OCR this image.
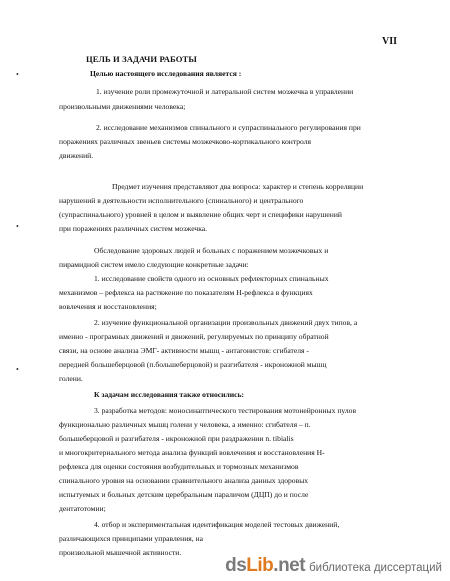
VII
ЦЕЛЬ И ЗАДАЧИ РАБОТЫ
•
•
•
Целью настоящего исследования является :
1. изучение роли промежуточной и латеральной систем мозжечка в управлении
произвольными движениями человека;
2. исследование механизмов спинального и супраспинального регулирования при
поражениях различных звеньев системы мозжечково-кортикального контроля
движений.
Предмет изучения представляют два вопроса: характер и степень корреляции
нарушений в деятельности исполнительного (спинального) и центрального
(супраспинального) уровней в целом и выявление общих черт и специфики нарушений
при поражениях различных систем мозжечка.
Обследование здоровых людей и больных с поражением мозжечковых и
пирамидной систем имело следующие конкретные задачи:
1. исследование свойств одного из основных рефлекторных спинальных
механизмов – рефлекса на растяжение по показателям Н-рефлекса в функциях
вовлечения и восстановления;
2. изучение функциональной организации произвольных движений двух типов, а
именно - програмных движений и движений, регулируемых по принципу обратной
связи, на основе анализа ЭМГ- активности мышц - антагонистов: сгибателя -
передней большеберцовой (п.большеберцовой) и разгибателя - икроножной мышц
голени.
К задачам исследования также относились:
3. разработка методов: моносинаптического тестирования мотонейронных пулов
функционально различных мышц голени у человека, а именно: сгибателя – п.
большеберцовой и разгибателя - икроножной при раздражении n. tibialis
и многокритериального метода анализа функций вовлечения и восстановления Н-
рефлекса для оценки состояния возбудительных и тормозных механизмов
спинального уровня на основании сравнительного анализа данных здоровых
испытуемых и больных детским церебральным параличом (ДЦП) до и после
дентатотомии;
4. отбор и экспериментальная идентификация моделей тестовых движений,
различающихся принципами управления, на
произвольной мышечной активности.
dsLib.net библиотека диссертаций
